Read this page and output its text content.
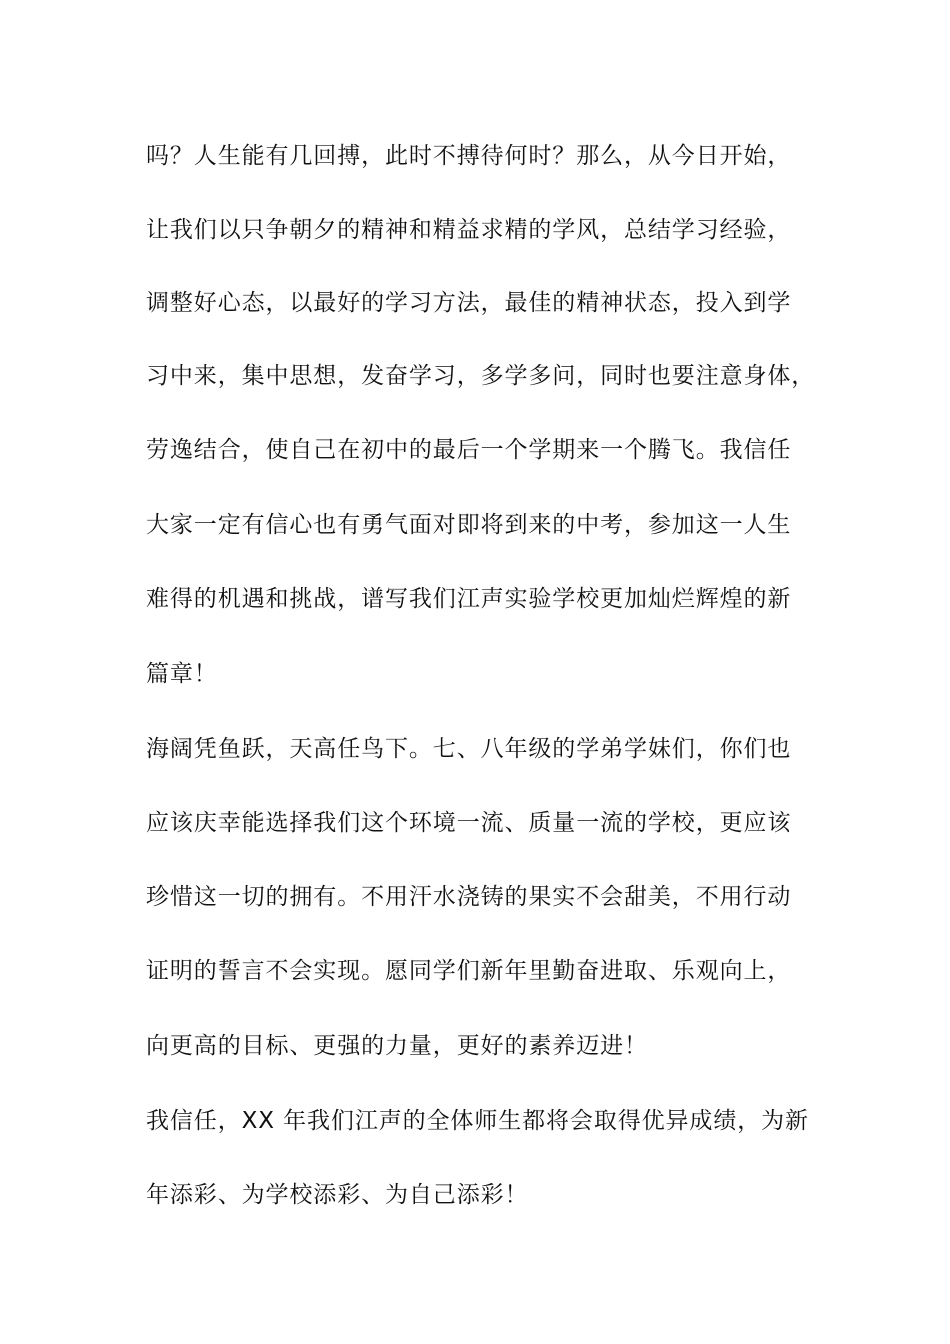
吗？人生能有几回搏，此时不搏待何时？那么，从今日开始，
让我们以只争朝夕的精神和精益求精的学风，总结学习经验，
调整好心态，以最好的学习方法，最佳的精神状态，投入到学
习中来，集中思想，发奋学习，多学多问，同时也要注意身体，
劳逸结合，使自己在初中的最后一个学期来一个腾飞。我信任
大家一定有信心也有勇气面对即将到来的中考，参加这一人生
难得的机遇和挑战，谱写我们江声实验学校更加灿烂辉煌的新
篇章！
海阔凭鱼跃，天高任鸟下。七、八年级的学弟学妹们，你们也
应该庆幸能选择我们这个环境一流、质量一流的学校，更应该
珍惜这一切的拥有。不用汗水浇铸的果实不会甜美，不用行动
证明的誓言不会实现。愿同学们新年里勤奋进取、乐观向上，
向更高的目标、更强的力量，更好的素养迈进！
我信任，XX 年我们江声的全体师生都将会取得优异成绩，为新
年添彩、为学校添彩、为自己添彩！
